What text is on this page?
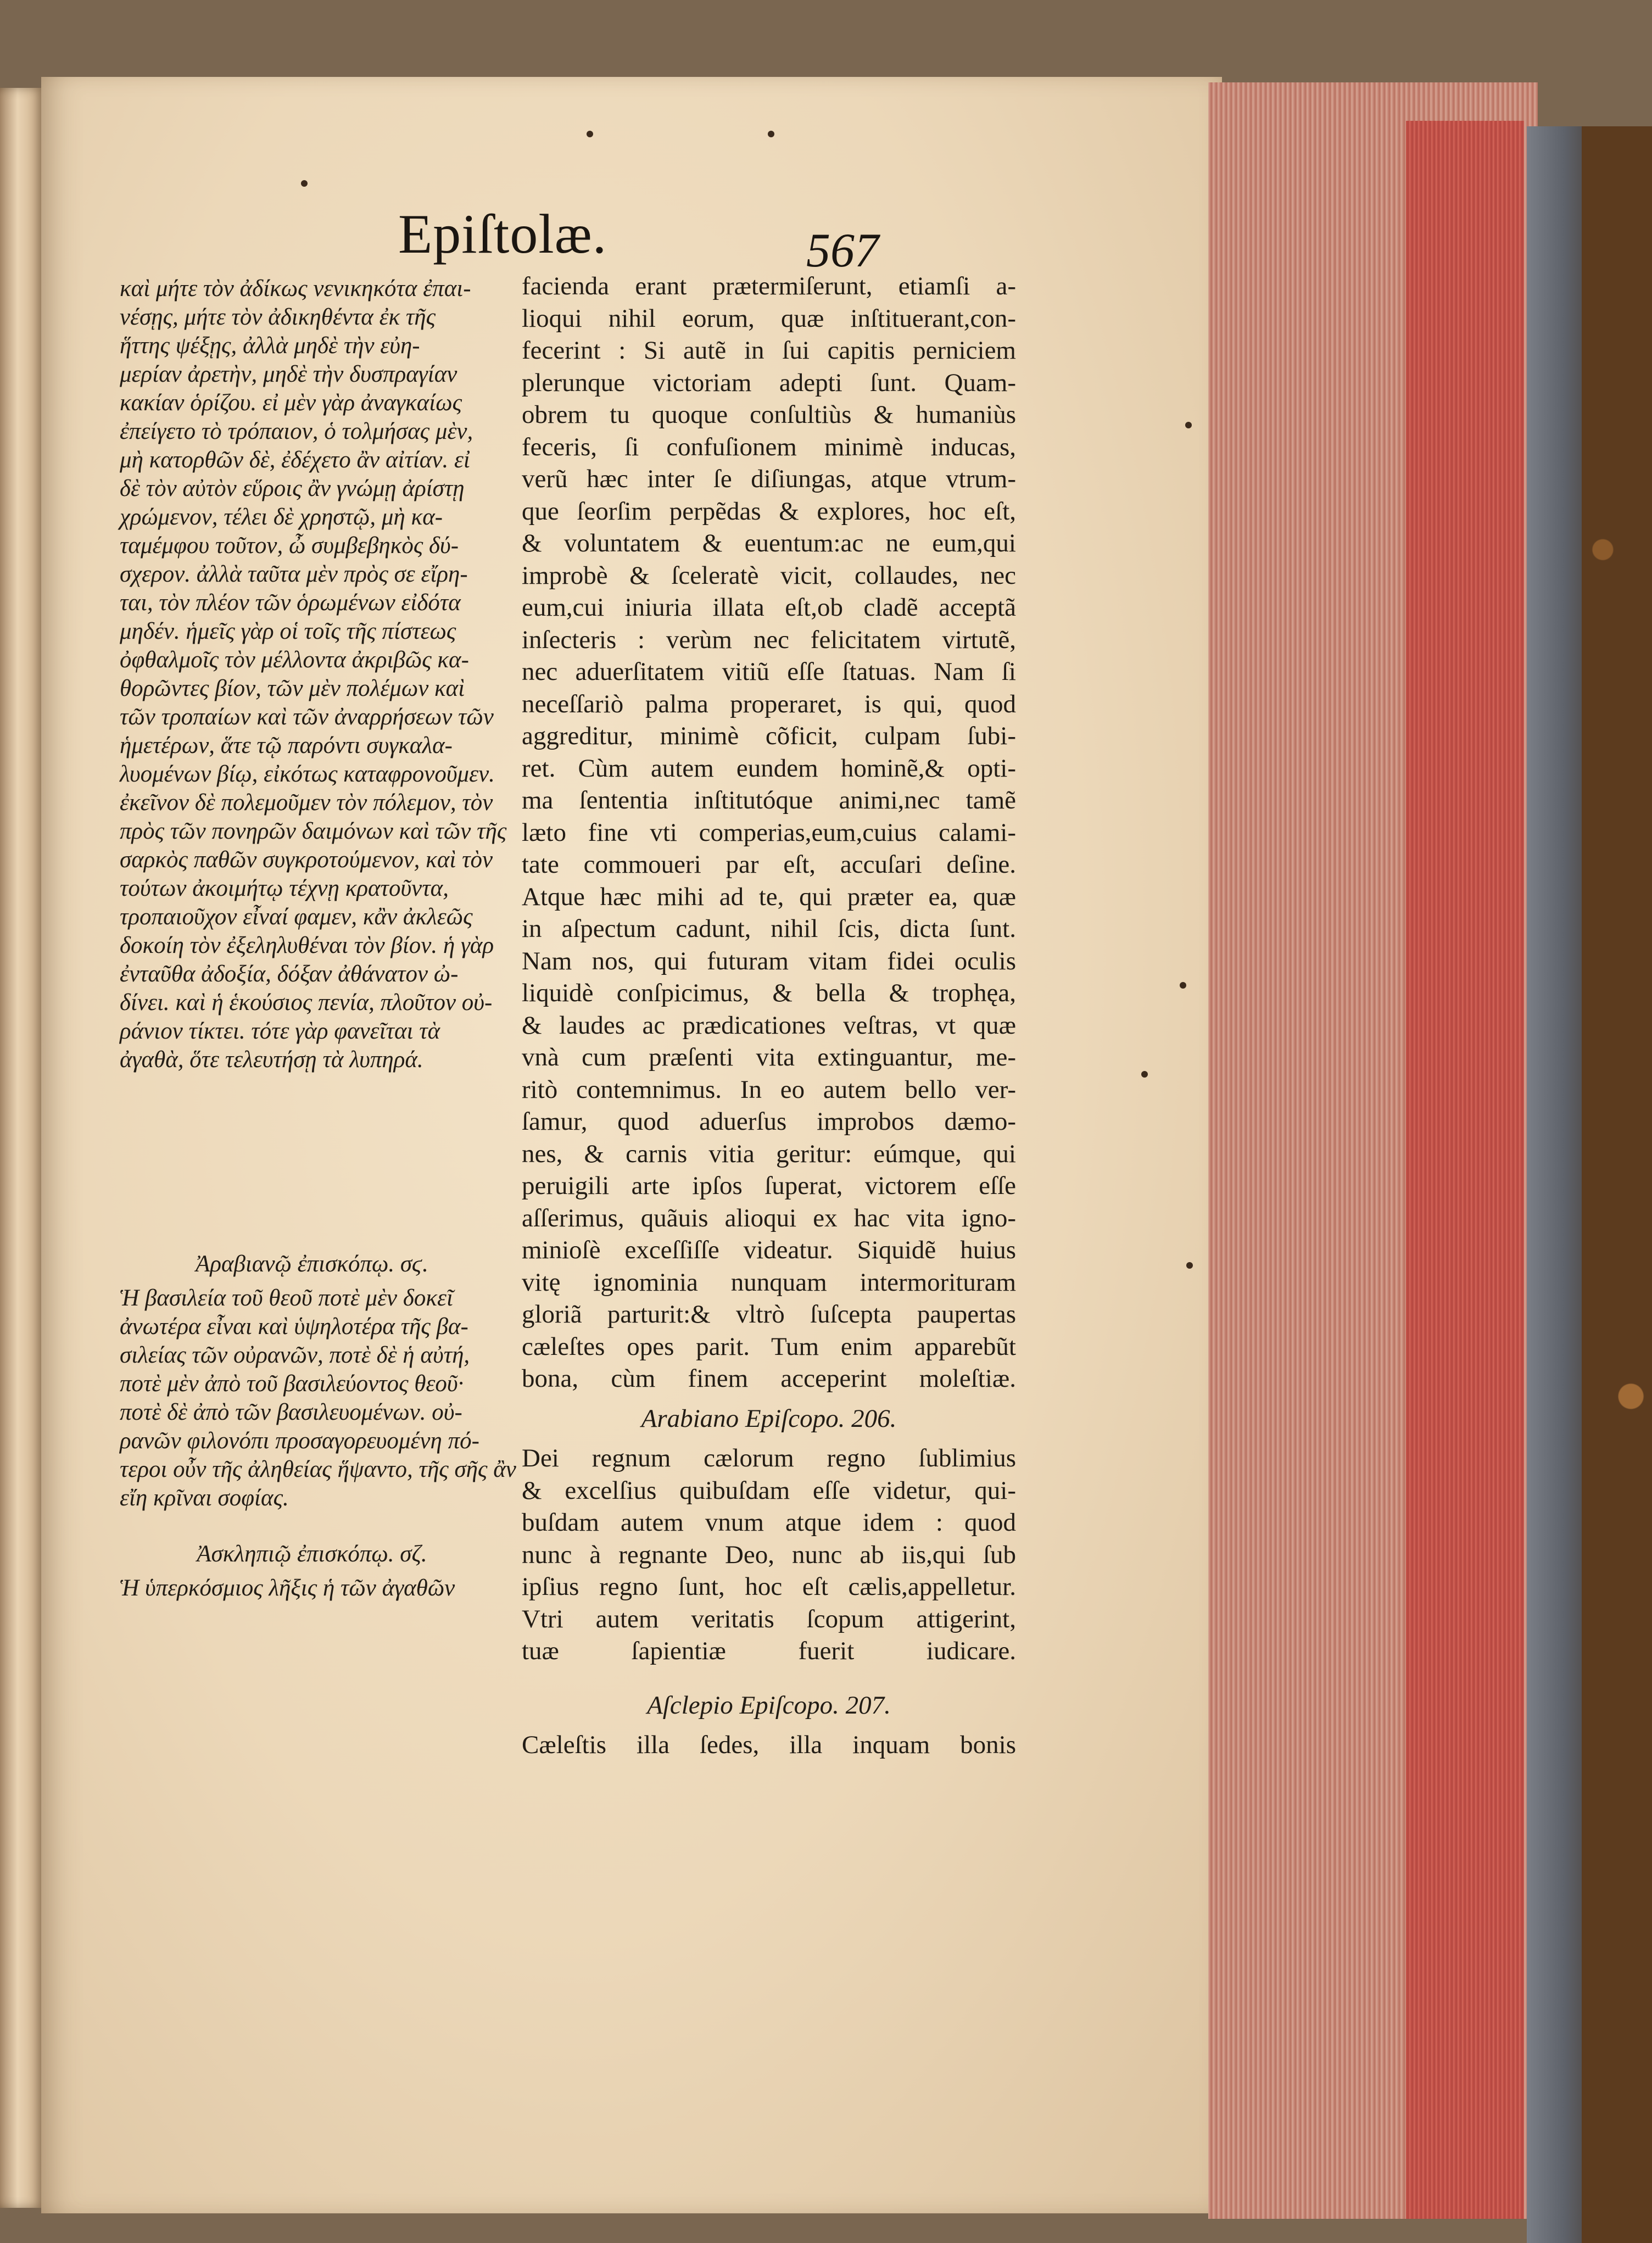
Epiſtolæ.	567
καὶ μήτε τὸν ἀδίκως νενικηκότα ἐπαι-
νέσῃς, μήτε τὸν ἀδικηθέντα ἐκ τῆς
ἥττης ψέξῃς, ἀλλὰ μηδὲ τὴν εὐη-
μερίαν ἀρετὴν, μηδὲ τὴν δυσπραγίαν
κακίαν ὁρίζου. εἰ μὲν γὰρ ἀναγκαίως
ἐπείγετο τὸ τρόπαιον, ὁ τολμήσας μὲν,
μὴ κατορθῶν δὲ, ἐδέχετο ἂν αἰτίαν. εἰ
δὲ τὸν αὐτὸν εὕροις ἂν γνώμῃ ἀρίστῃ
χρώμενον, τέλει δὲ χρηστῷ, μὴ κα-
ταμέμφου τοῦτον, ὦ συμβεβηκὸς δύ-
σχερον. ἀλλὰ ταῦτα μὲν πρὸς σε εἴρη-
ται, τὸν πλέον τῶν ὁρωμένων εἰδότα
μηδέν. ἡμεῖς γὰρ οἱ τοῖς τῆς πίστεως
ὀφθαλμοῖς τὸν μέλλοντα ἀκριβῶς κα-
θορῶντες βίον, τῶν μὲν πολέμων καὶ
τῶν τροπαίων καὶ τῶν ἀναρρήσεων τῶν
ἡμετέρων, ἅτε τῷ παρόντι συγκαλα-
λυομένων βίῳ, εἰκότως καταφρονοῦμεν.
ἐκεῖνον δὲ πολεμοῦμεν τὸν πόλεμον, τὸν
πρὸς τῶν πονηρῶν δαιμόνων καὶ τῶν τῆς
σαρκὸς παθῶν συγκροτούμενον, καὶ τὸν
τούτων ἀκοιμήτῳ τέχνῃ κρατοῦντα,
τροπαιοῦχον εἶναί φαμεν, κἂν ἀκλεῶς
δοκοίη τὸν ἐξεληλυθέναι τὸν βίον. ἡ γὰρ
ἐνταῦθα ἀδοξία, δόξαν ἀθάνατον ὠ-
δίνει. καὶ ἡ ἑκούσιος πενία, πλοῦτον οὐ-
ράνιον τίκτει. τότε γὰρ φανεῖται τὰ
ἀγαθὰ, ὅτε τελευτήσῃ τὰ λυπηρά.
Ἀραβιανῷ ἐπισκόπῳ. σϛ.
Ἡ βασιλεία τοῦ θεοῦ ποτὲ μὲν δοκεῖ
ἀνωτέρα εἶναι καὶ ὑψηλοτέρα τῆς βα-
σιλείας τῶν οὐρανῶν, ποτὲ δὲ ἡ αὐτή,
ποτὲ μὲν ἀπὸ τοῦ βασιλεύοντος θεοῦ·
ποτὲ δὲ ἀπὸ τῶν βασιλευομένων. οὐ-
ρανῶν φιλονόπι προσαγορευομένη πό-
τεροι οὖν τῆς ἀληθείας ἥψαντο, τῆς σῆς ἂν
εἴη κρῖναι σοφίας.
Ἀσκληπιῷ ἐπισκόπῳ. σζ.
Ἡ ὑπερκόσμιος λῆξις ἡ τῶν ἀγαθῶν
facienda erant prætermiſerunt, etiamſi a-
lioqui nihil eorum, quæ inſtituerant,con-
fecerint : Si autẽ in ſui capitis perniciem
plerunque victoriam adepti ſunt. Quam-
obrem tu quoque conſultiùs & humaniùs
feceris, ſi confuſionem minimè inducas,
verũ hæc inter ſe diſiungas, atque vtrum-
que ſeorſim perpẽdas & explores, hoc eſt,
& voluntatem & euentum:ac ne eum,qui
improbè & ſceleratè vicit, collaudes, nec
eum,cui iniuria illata eſt,ob cladẽ acceptã
inſecteris : verùm nec felicitatem virtutẽ,
nec aduerſitatem vitiũ eſſe ſtatuas. Nam ſi
neceſſariò palma properaret, is qui, quod
aggreditur, minimè cõficit, culpam ſubi-
ret. Cùm autem eundem hominẽ,& opti-
ma ſententia inſtitutóque animi,nec tamẽ
læto fine vti comperias,eum,cuius calami-
tate commoueri par eſt, accuſari deſine.
Atque hæc mihi ad te, qui præter ea, quæ
in aſpectum cadunt, nihil ſcis, dicta ſunt.
Nam nos, qui futuram vitam fidei oculis
liquidè conſpicimus, & bella & trophęa,
& laudes ac prædicationes veſtras, vt quæ
vnà cum præſenti vita extinguantur, me-
ritò contemnimus. In eo autem bello ver-
ſamur, quod aduerſus improbos dæmo-
nes, & carnis vitia geritur: eúmque, qui
peruigili arte ipſos ſuperat, victorem eſſe
aſſerimus, quãuis alioqui ex hac vita igno-
minioſè exceſſiſſe videatur. Siquidẽ huius
vitę ignominia nunquam intermorituram
gloriã parturit:& vltrò ſuſcepta paupertas
cæleſtes opes parit. Tum enim apparebũt
bona, cùm finem acceperint moleſtiæ.
Arabiano Epiſcopo. 206.
Dei regnum cælorum regno ſublimius
& excelſius quibuſdam eſſe videtur, qui-
buſdam autem vnum atque idem : quod
nunc à regnante Deo, nunc ab iis,qui ſub
ipſius regno ſunt, hoc eſt cælis,appelletur.
Vtri autem veritatis ſcopum attigerint,
tuæ ſapientiæ fuerit iudicare.
Aſclepio Epiſcopo. 207.
Cæleſtis illa ſedes, illa inquam bonis
